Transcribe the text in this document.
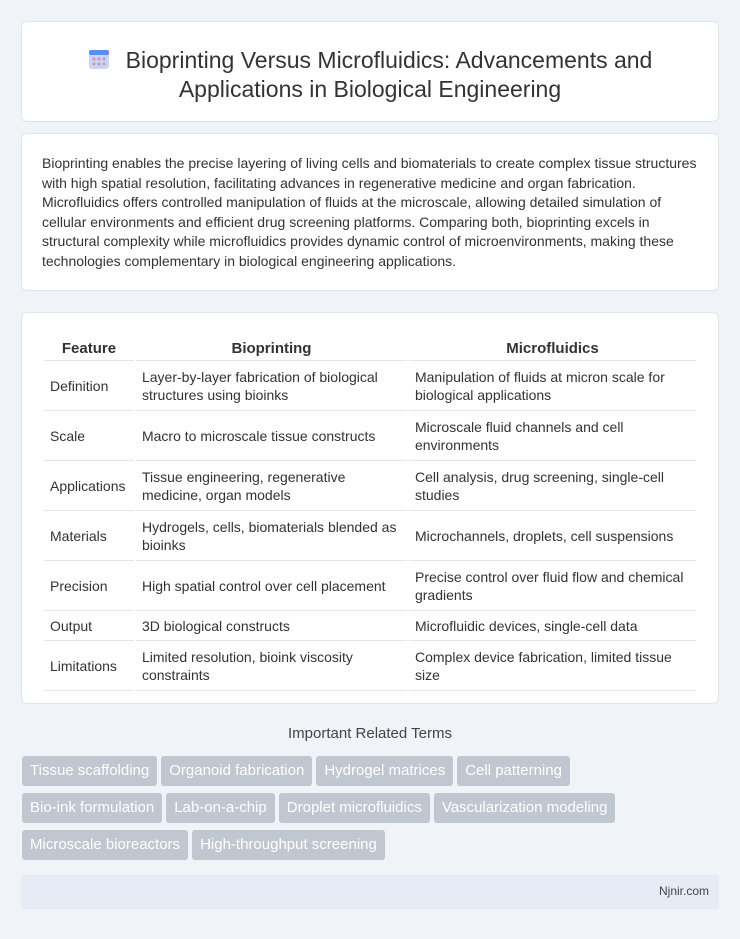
Bioprinting Versus Microfluidics: Advancements and Applications in Biological Engineering

Bioprinting enables the precise layering of living cells and biomaterials to create complex tissue structures with high spatial resolution, facilitating advances in regenerative medicine and organ fabrication. Microfluidics offers controlled manipulation of fluids at the microscale, allowing detailed simulation of cellular environments and efficient drug screening platforms. Comparing both, bioprinting excels in structural complexity while microfluidics provides dynamic control of microenvironments, making these technologies complementary in biological engineering applications.

Feature	Bioprinting	Microfluidics
Definition	Layer-by-layer fabrication of biological structures using bioinks	Manipulation of fluids at micron scale for biological applications
Scale	Macro to microscale tissue constructs	Microscale fluid channels and cell environments
Applications	Tissue engineering, regenerative medicine, organ models	Cell analysis, drug screening, single-cell studies
Materials	Hydrogels, cells, biomaterials blended as bioinks	Microchannels, droplets, cell suspensions
Precision	High spatial control over cell placement	Precise control over fluid flow and chemical gradients
Output	3D biological constructs	Microfluidic devices, single-cell data
Limitations	Limited resolution, bioink viscosity constraints	Complex device fabrication, limited tissue size
Important Related Terms
Tissue scaffolding Organoid fabrication Hydrogel matrices Cell patterning
Bio-ink formulation Lab-on-a-chip Droplet microfluidics Vascularization modeling
Microscale bioreactors High-throughput screening
Njnir.com
